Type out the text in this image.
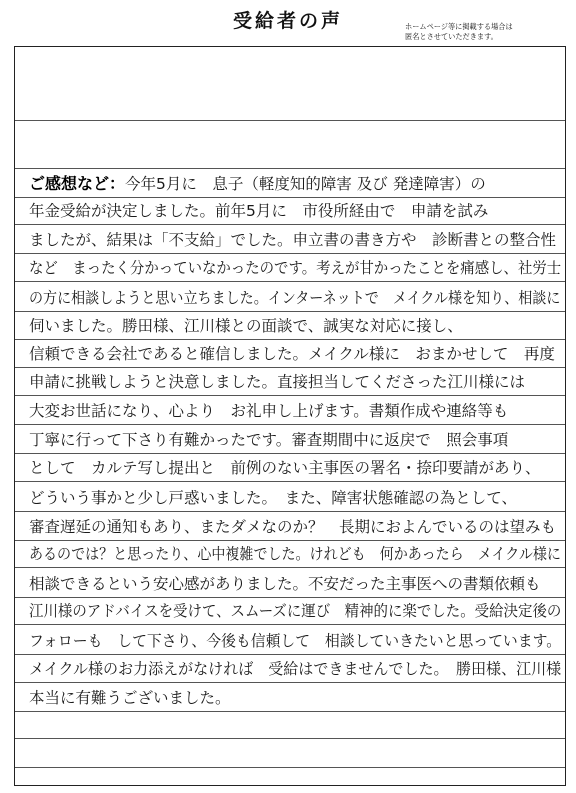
受給者の声	ホームページ等に掲載する場合は
匿名とさせていただきます。
ご感想など：今年5月に　息子（軽度知的障害 及び 発達障害）の
年金受給が決定しました。前年5月に　市役所経由で　申請を試み
ましたが、結果は「不支給」でした。申立書の書き方や　診断書との整合性
など　まったく分かっていなかったのです。考えが甘かったことを痛感し、社労士
の方に相談しようと思い立ちました。インターネットで　メイクル様を知り、相談に
伺いました。勝田様、江川様との面談で、誠実な対応に接し、
信頼できる会社であると確信しました。メイクル様に　おまかせして　再度
申請に挑戦しようと決意しました。直接担当してくださった江川様には
大変お世話になり、心より　お礼申し上げます。書類作成や連絡等も
丁寧に行って下さり有難かったです。審査期間中に返戻で　照会事項
として　カルテ写し提出と　前例のない主事医の署名・捺印要請があり、
どういう事かと少し戸惑いました。　また、障害状態確認の為として、
審査遅延の通知もあり、またダメなのか？　長期におよんでいるのは望みも
あるのでは？と思ったり、心中複雑でした。けれども　何かあったら　メイクル様に
相談できるという安心感がありました。不安だった主事医への書類依頼も
江川様のアドバイスを受けて、スムーズに運び　精神的に楽でした。受給決定後の
フォローも　して下さり、今後も信頼して　相談していきたいと思っています。
メイクル様のお力添えがなければ　受給はできませんでした。　勝田様、江川様
本当に有難うございました。
